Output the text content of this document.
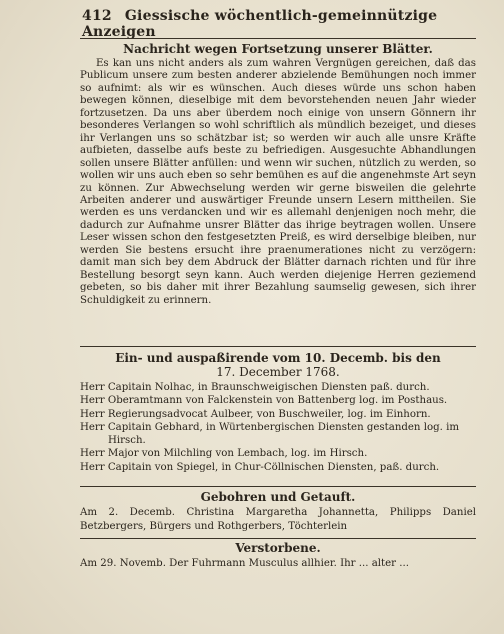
412 Giessische wöchentlich-gemeinnützige Anzeigen
Nachricht wegen Fortsetzung unserer Blätter.
Es kan uns nicht anders als zum wahren Vergnügen gereichen, daß das Publicum unsere zum besten anderer abzielende Bemühungen noch immer so aufnimt: als wir es wünschen. Auch dieses würde uns schon haben bewegen können, dieselbige mit dem bevorstehenden neuen Jahr wieder fortzusetzen. Da uns aber überdem noch einige von unsern Gönnern ihr besonderes Verlangen so wohl schriftlich als mündlich bezeiget, und dieses ihr Verlangen uns so schätzbar ist; so werden wir auch alle unsre Kräfte aufbieten, dasselbe aufs beste zu befriedigen. Ausgesuchte Abhandlungen sollen unsere Blätter anfüllen: und wenn wir suchen, nützlich zu werden, so wollen wir uns auch eben so sehr bemühen es auf die angenehmste Art seyn zu können. Zur Abwechselung werden wir gerne bisweilen die gelehrte Arbeiten anderer und auswärtiger Freunde unsern Lesern mittheilen. Sie werden es uns verdancken und wir es allemahl denjenigen noch mehr, die dadurch zur Aufnahme unsrer Blätter das ihrige beytragen wollen. Unsere Leser wissen schon den festgesetzten Preiß, es wird derselbige bleiben, nur werden Sie bestens ersucht ihre praenumerationes nicht zu verzögern: damit man sich bey dem Abdruck der Blätter darnach richten und für ihre Bestellung besorgt seyn kann. Auch werden diejenige Herren geziemend gebeten, so bis daher mit ihrer Bezahlung saumselig gewesen, sich ihrer Schuldigkeit zu erinnern.
Ein- und auspaßirende vom 10. Decemb. bis den
17. December 1768.
Herr Capitain Nolhac, in Braunschweigischen Diensten paß. durch.
Herr Oberamtmann von Falckenstein von Battenberg log. im Posthaus.
Herr Regierungsadvocat Aulbeer, von Buschweiler, log. im Einhorn.
Herr Capitain Gebhard, in Würtenbergischen Diensten gestanden log. im
Hirsch.
Herr Major von Milchling von Lembach, log. im Hirsch.
Herr Capitain von Spiegel, in Chur-Cöllnischen Diensten, paß. durch.
Gebohren und Getauft.
Am 2. Decemb. Christina Margaretha Johannetta, Philipps Daniel Betzbergers, Bürgers und Rothgerbers, Töchterlein
Verstorbene.
Am 29. Novemb. Der Fuhrmann Musculus allhier. Ihr ... alter ...
